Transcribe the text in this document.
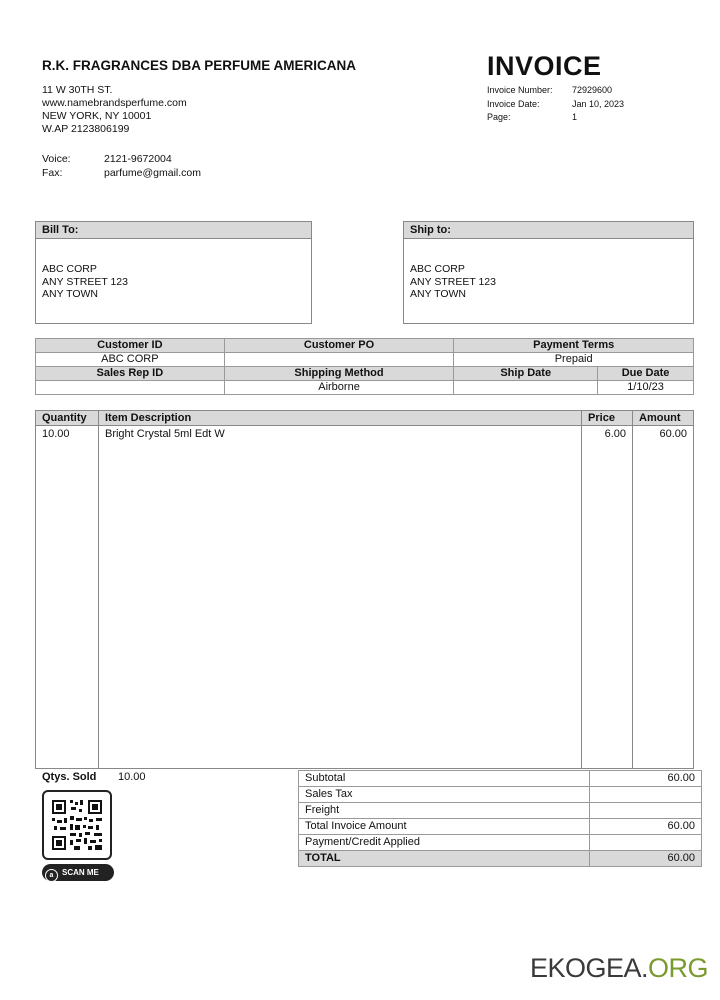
R.K. FRAGRANCES DBA PERFUME AMERICANA
11 W 30TH ST.
www.namebrandsperfume.com
NEW YORK, NY 10001
W.AP 2123806199
Voice:	2121-9672004
Fax:	parfume@gmail.com
INVOICE
Invoice Number: 72929600
Invoice Date:	Jan 10, 2023
Page:	1
Bill To:
ABC CORP
ANY STREET 123
ANY TOWN
Ship to:
ABC CORP
ANY STREET 123
ANY TOWN
Customer ID	Customer PO	Payment Terms	
ABC CORP		Prepaid	
Sales Rep ID	Shipping Method	Ship Date	Due Date
	Airborne		1/10/23
Quantity	Item Description	Price	Amount
10.00	Bright Crystal 5ml Edt W	6.00	60.00

Qtys. Sold 10.00	Subtotal	60.00
Sales Tax	
Freight	
Total Invoice Amount	60.00
Payment/Credit Applied	
TOTAL	60.00
a SCAN ME
EKOGEA.ORG
